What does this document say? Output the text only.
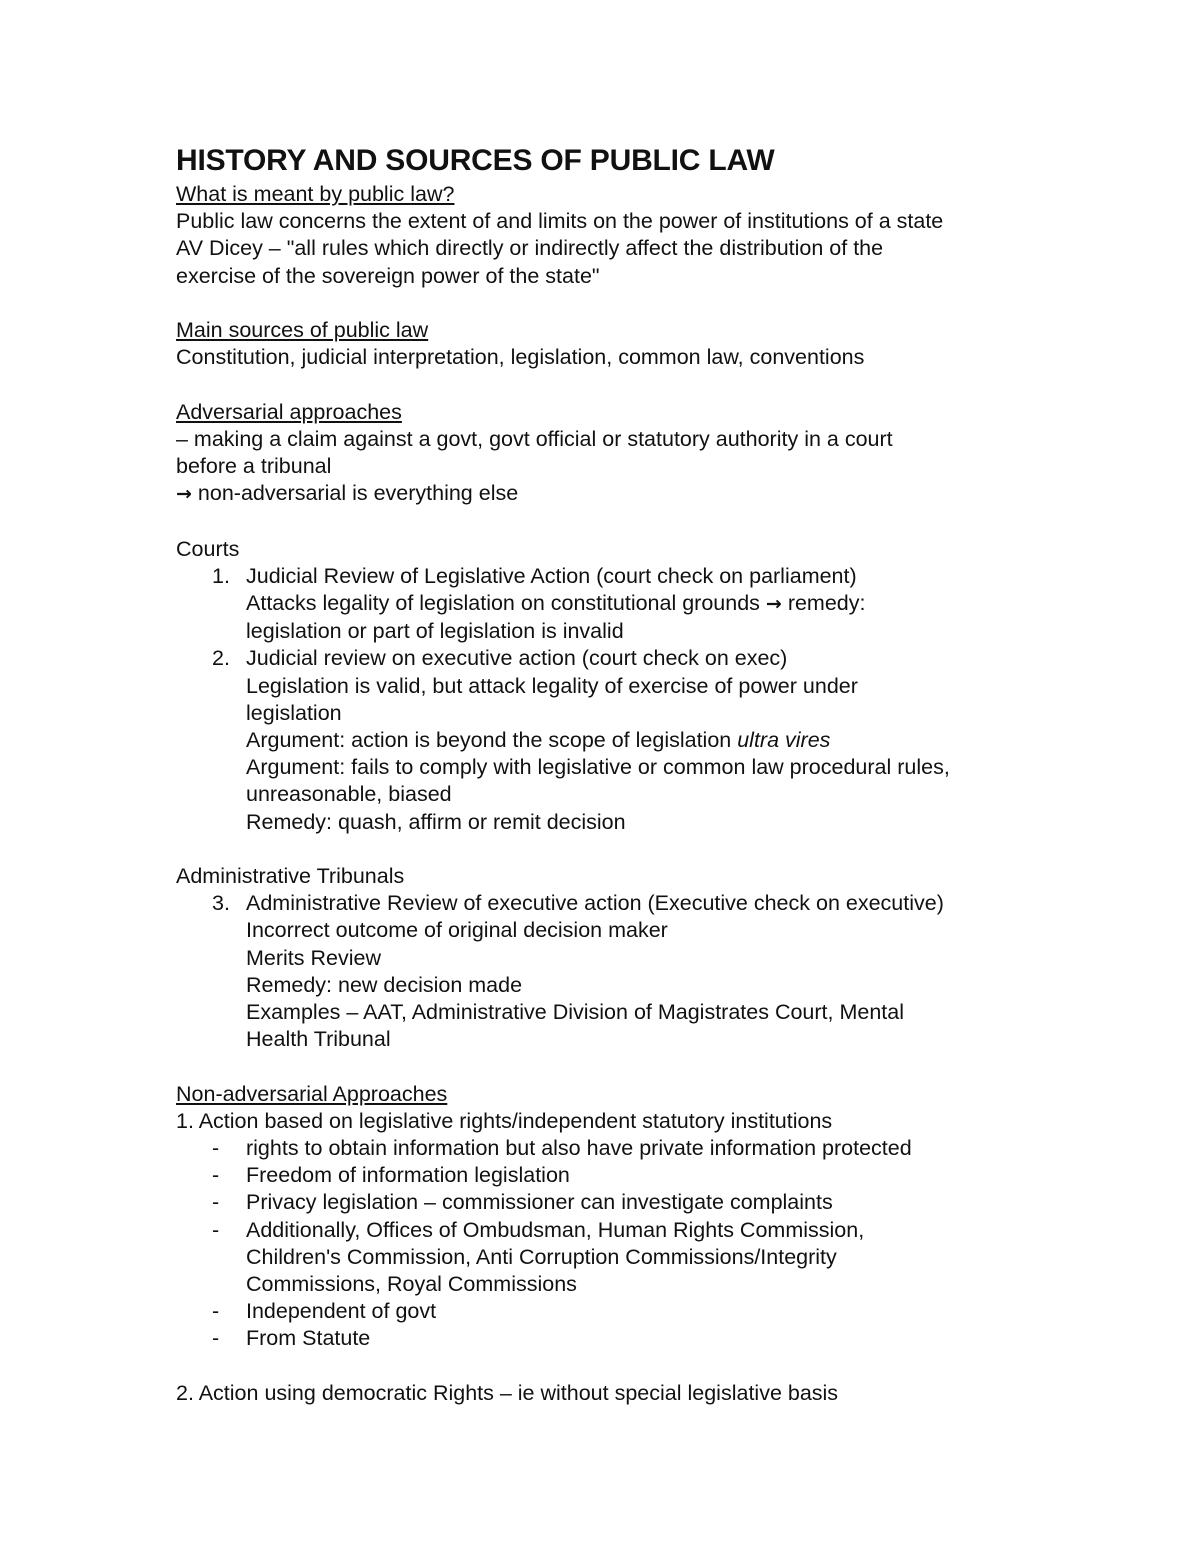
HISTORY AND SOURCES OF PUBLIC LAW
What is meant by public law?
Public law concerns the extent of and limits on the power of institutions of a state
AV Dicey – "all rules which directly or indirectly affect the distribution of the
exercise of the sovereign power of the state"
Main sources of public law
Constitution, judicial interpretation, legislation, common law, conventions
Adversarial approaches
– making a claim against a govt, govt official or statutory authority in a court
before a tribunal
→ non-adversarial is everything else
Courts
1. Judicial Review of Legislative Action (court check on parliament)
Attacks legality of legislation on constitutional grounds → remedy:
legislation or part of legislation is invalid
2. Judicial review on executive action (court check on exec)
Legislation is valid, but attack legality of exercise of power under
legislation
Argument: action is beyond the scope of legislation ultra vires
Argument: fails to comply with legislative or common law procedural rules,
unreasonable, biased
Remedy: quash, affirm or remit decision
Administrative Tribunals
3. Administrative Review of executive action (Executive check on executive)
Incorrect outcome of original decision maker
Merits Review
Remedy: new decision made
Examples – AAT, Administrative Division of Magistrates Court, Mental
Health Tribunal
Non-adversarial Approaches
1. Action based on legislative rights/independent statutory institutions
-	rights to obtain information but also have private information protected
-	Freedom of information legislation
-	Privacy legislation – commissioner can investigate complaints
-	Additionally, Offices of Ombudsman, Human Rights Commission,
Children's Commission, Anti Corruption Commissions/Integrity
Commissions, Royal Commissions
-	Independent of govt
-	From Statute
2. Action using democratic Rights – ie without special legislative basis
